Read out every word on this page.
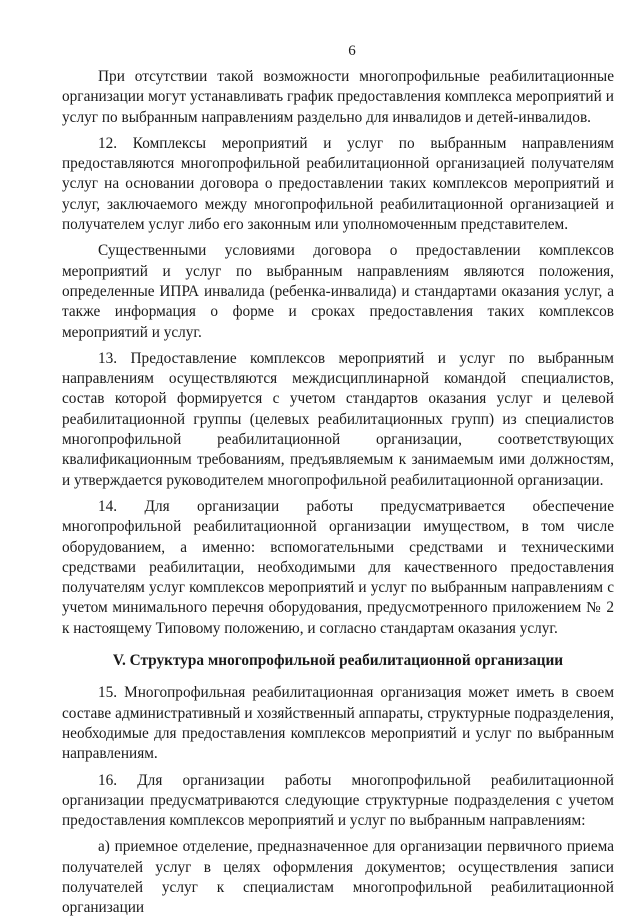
6

При отсутствии такой возможности многопрофильные реабилитационные организации могут устанавливать график предоставления комплекса мероприятий и услуг по выбранным направлениям раздельно для инвалидов и детей-инвалидов.

12. Комплексы мероприятий и услуг по выбранным направлениям предоставляются многопрофильной реабилитационной организацией получателям услуг на основании договора о предоставлении таких комплексов мероприятий и услуг, заключаемого между многопрофильной реабилитационной организацией и получателем услуг либо его законным или уполномоченным представителем.

Существенными условиями договора о предоставлении комплексов мероприятий и услуг по выбранным направлениям являются положения, определенные ИПРА инвалида (ребенка-инвалида) и стандартами оказания услуг, а также информация о форме и сроках предоставления таких комплексов мероприятий и услуг.

13. Предоставление комплексов мероприятий и услуг по выбранным направлениям осуществляются междисциплинарной командой специалистов, состав которой формируется с учетом стандартов оказания услуг и целевой реабилитационной группы (целевых реабилитационных групп) из специалистов многопрофильной реабилитационной организации, соответствующих квалификационным требованиям, предъявляемым к занимаемым ими должностям, и утверждается руководителем многопрофильной реабилитационной организации.

14. Для организации работы предусматривается обеспечение многопрофильной реабилитационной организации имуществом, в том числе оборудованием, а именно: вспомогательными средствами и техническими средствами реабилитации, необходимыми для качественного предоставления получателям услуг комплексов мероприятий и услуг по выбранным направлениям с учетом минимального перечня оборудования, предусмотренного приложением № 2 к настоящему Типовому положению, и согласно стандартам оказания услуг.

V. Структура многопрофильной реабилитационной организации

15. Многопрофильная реабилитационная организация может иметь в своем составе административный и хозяйственный аппараты, структурные подразделения, необходимые для предоставления комплексов мероприятий и услуг по выбранным направлениям.

16. Для организации работы многопрофильной реабилитационной организации предусматриваются следующие структурные подразделения с учетом предоставления комплексов мероприятий и услуг по выбранным направлениям:

а) приемное отделение, предназначенное для организации первичного приема получателей услуг в целях оформления документов; осуществления записи получателей услуг к специалистам многопрофильной реабилитационной организации
